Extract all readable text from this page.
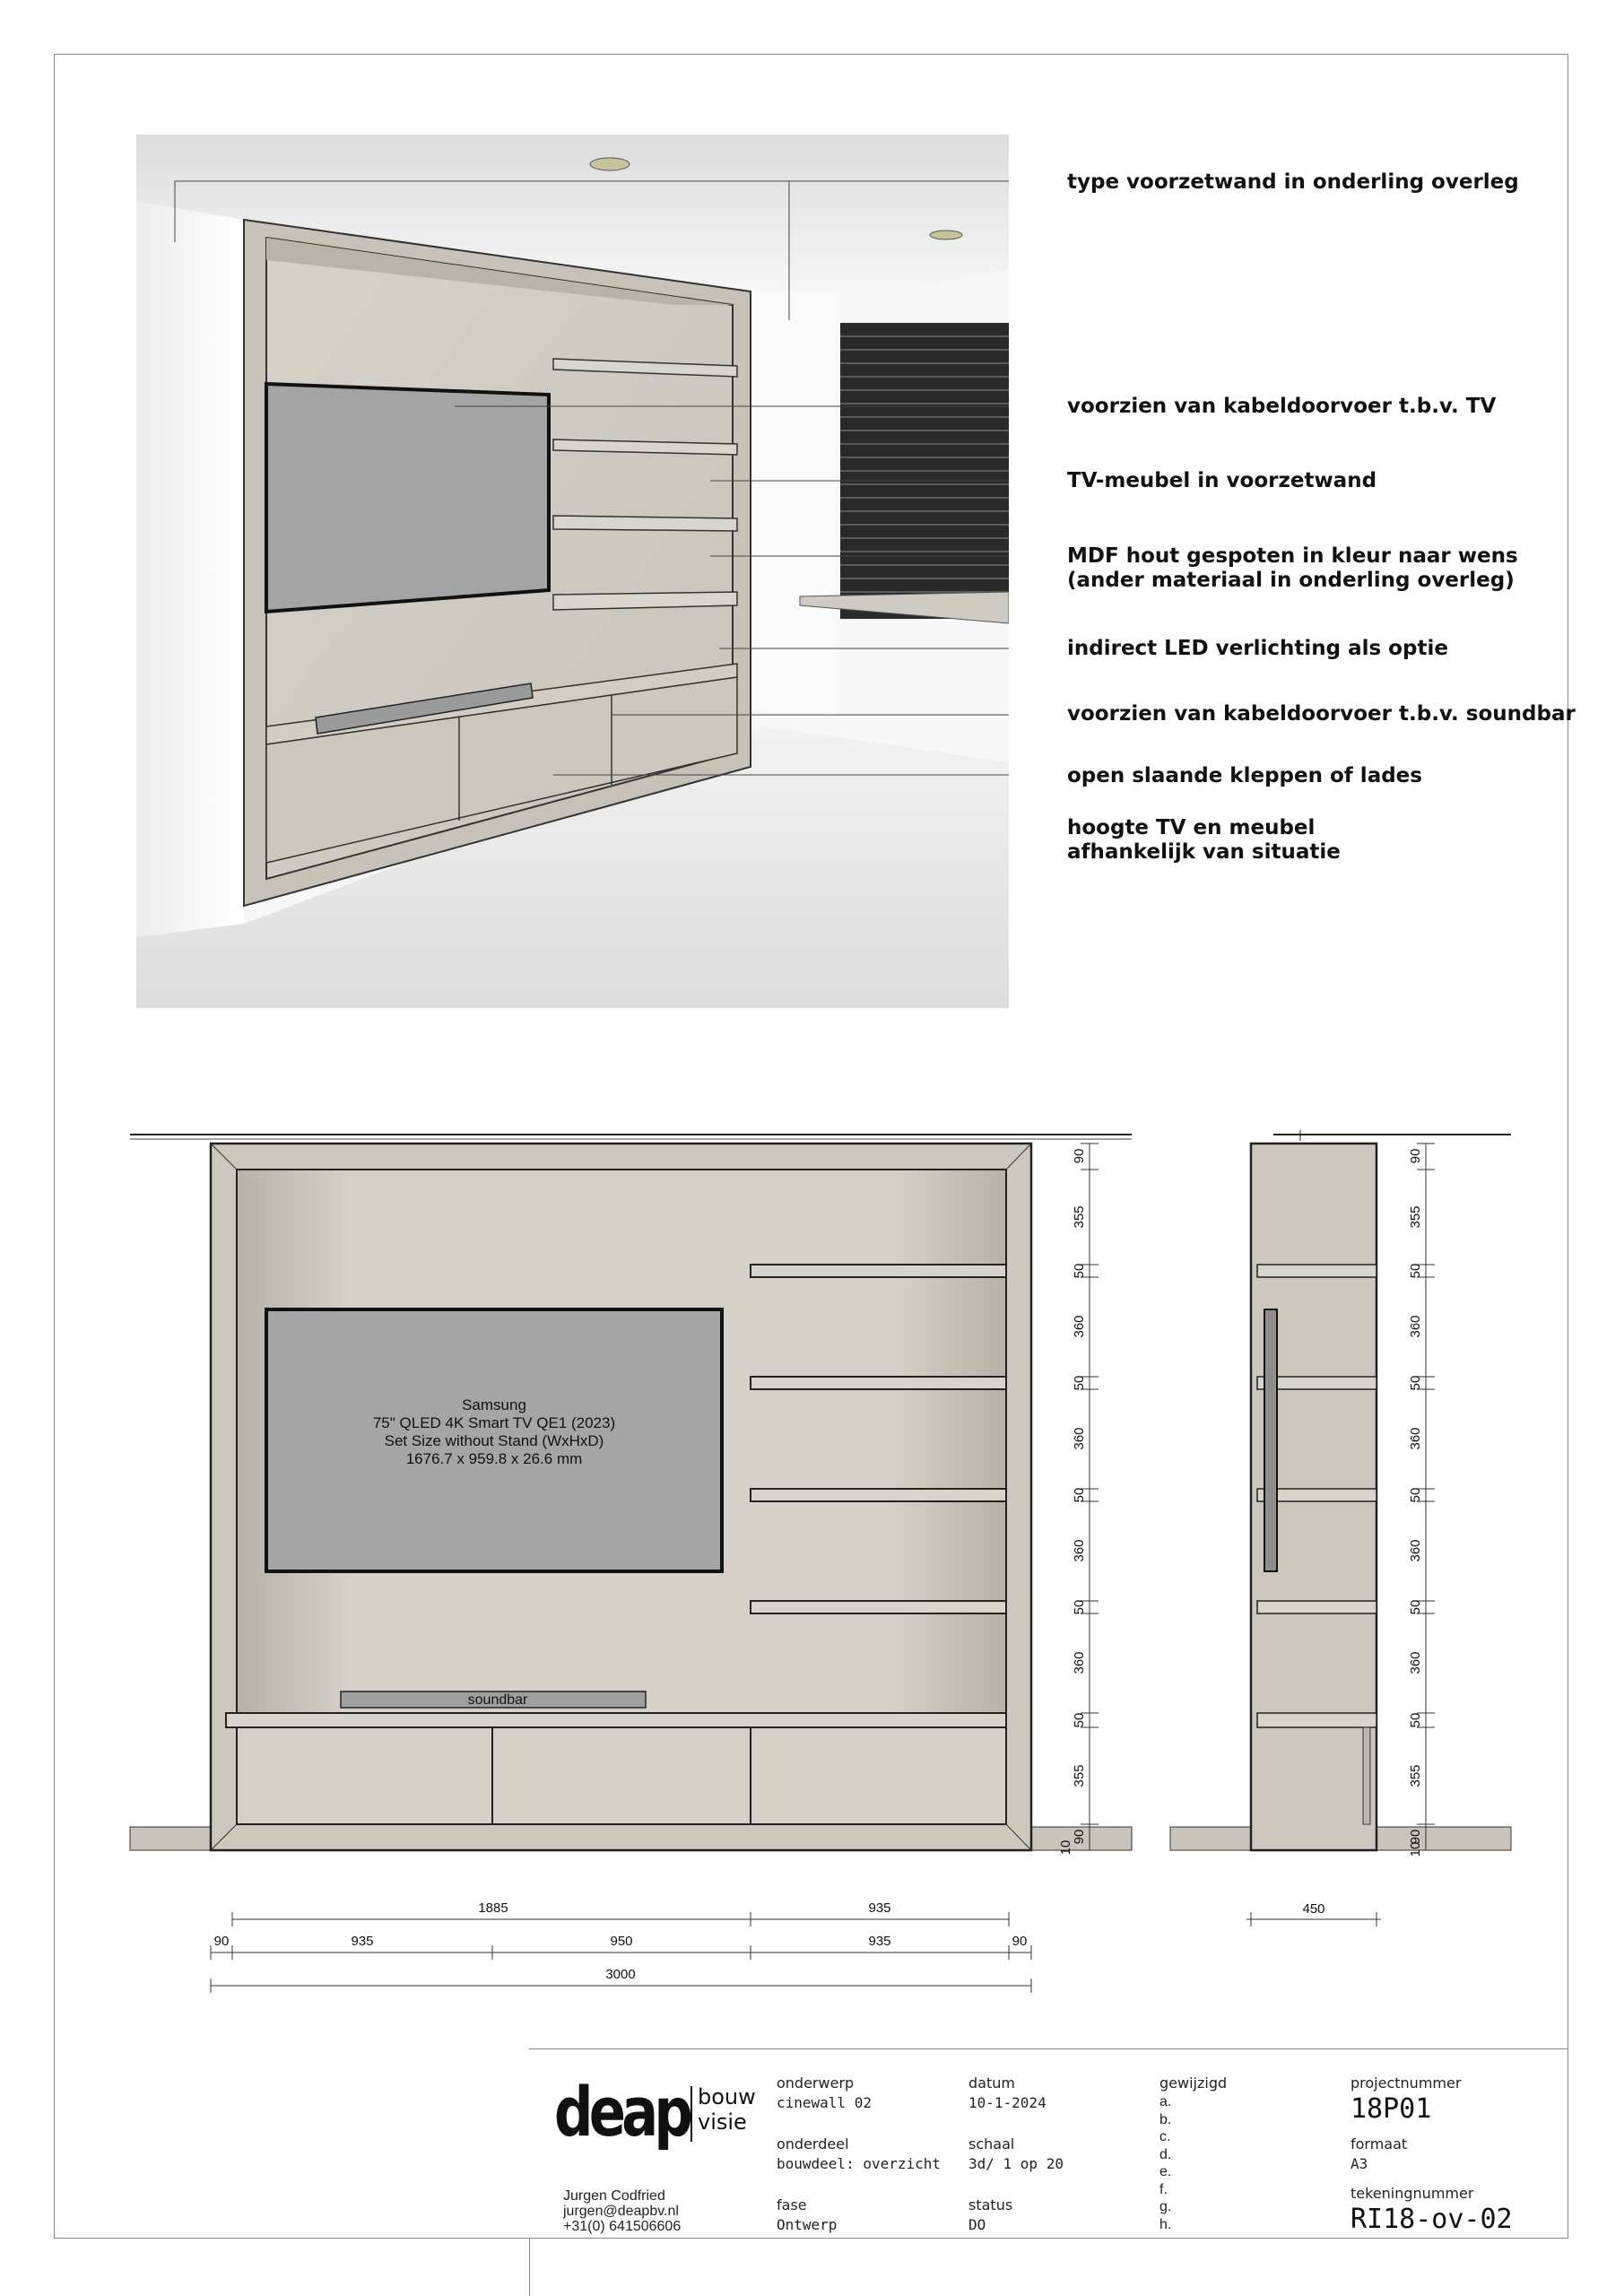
type voorzetwand in onderling overleg
voorzien van kabeldoorvoer t.b.v. TV
TV-meubel in voorzetwand
MDF hout gespoten in kleur naar wens
(ander materiaal in onderling overleg)
indirect LED verlichting als optie
voorzien van kabeldoorvoer t.b.v. soundbar
open slaande kleppen of lades
hoogte TV en meubel
afhankelijk van situatie
Samsung
75" QLED 4K Smart TV QE1 (2023)
Set Size without Stand (WxHxD)
1676.7 x 959.8 x 26.6 mm
soundbar
90
355
50
360
50
360
50
360
50
360
50
355
90
10
1885	935
90	935	950	935	90
3000
90
355
50
360
50
360
50
360
50
360
50
355
90
10
450
deap bouw
visie
Jurgen Codfried
jurgen@deapbv.nl
+31(0) 641506606
onderwerp
cinewall 02
onderdeel
bouwdeel: overzicht
fase
Ontwerp
datum
10-1-2024
schaal
3d/ 1 op 20
status
DO
gewijzigd
a.
b.
c.
d.
e.
f.
g.
h.
projectnummer
18P01
formaat
A3
tekeningnummer
RI18-ov-02
